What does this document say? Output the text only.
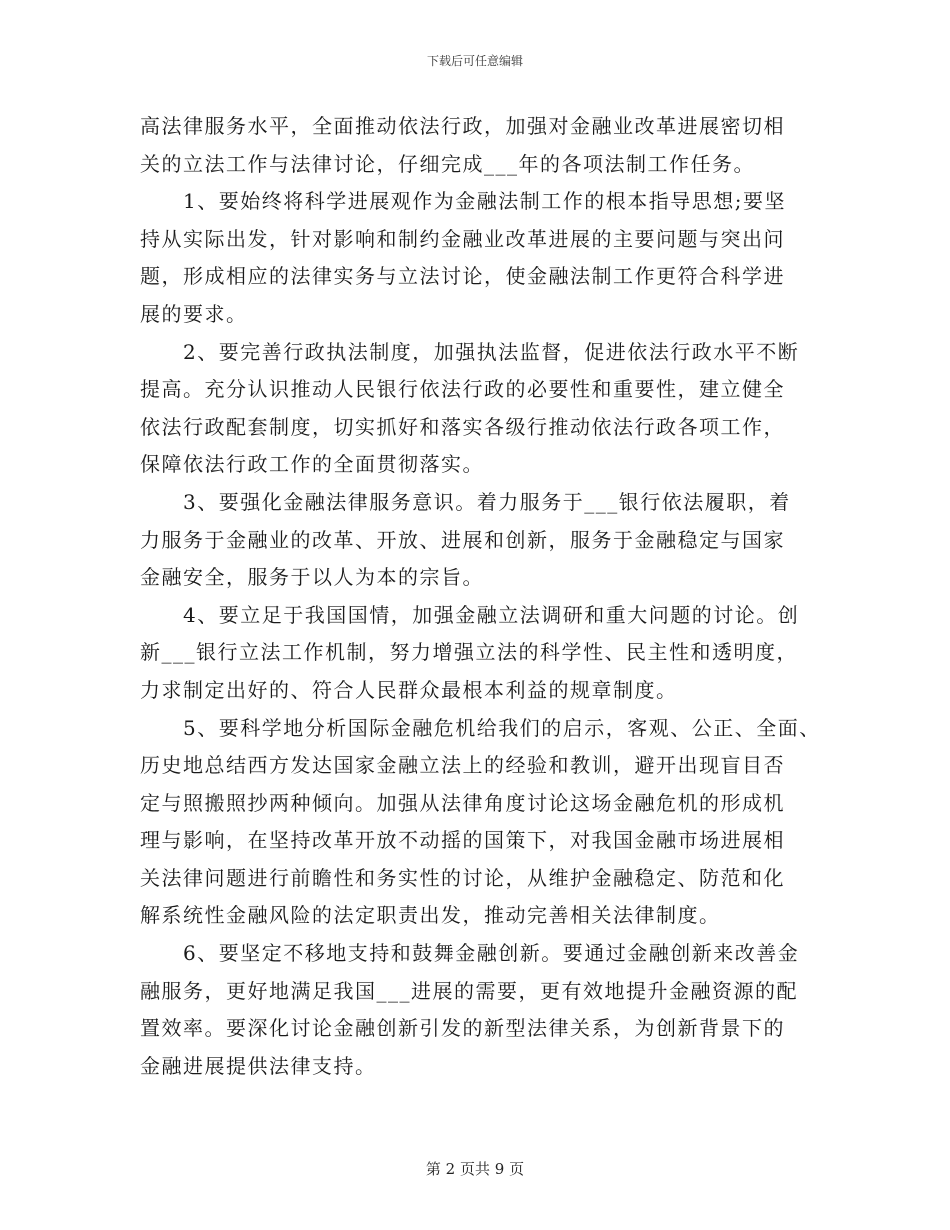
下载后可任意编辑
高法律服务水平，全面推动依法行政，加强对金融业改革进展密切相
关的立法工作与法律讨论，仔细完成___年的各项法制工作任务。
　　1、要始终将科学进展观作为金融法制工作的根本指导思想;要坚
持从实际出发，针对影响和制约金融业改革进展的主要问题与突出问
题，形成相应的法律实务与立法讨论，使金融法制工作更符合科学进
展的要求。
　　2、要完善行政执法制度，加强执法监督，促进依法行政水平不断
提高。充分认识推动人民银行依法行政的必要性和重要性，建立健全
依法行政配套制度，切实抓好和落实各级行推动依法行政各项工作，
保障依法行政工作的全面贯彻落实。
　　3、要强化金融法律服务意识。着力服务于___银行依法履职，着
力服务于金融业的改革、开放、进展和创新，服务于金融稳定与国家
金融安全，服务于以人为本的宗旨。
　　4、要立足于我国国情，加强金融立法调研和重大问题的讨论。创
新___银行立法工作机制，努力增强立法的科学性、民主性和透明度，
力求制定出好的、符合人民群众最根本利益的规章制度。
　　5、要科学地分析国际金融危机给我们的启示，客观、公正、全面、
历史地总结西方发达国家金融立法上的经验和教训，避开出现盲目否
定与照搬照抄两种倾向。加强从法律角度讨论这场金融危机的形成机
理与影响，在坚持改革开放不动摇的国策下，对我国金融市场进展相
关法律问题进行前瞻性和务实性的讨论，从维护金融稳定、防范和化
解系统性金融风险的法定职责出发，推动完善相关法律制度。
　　6、要坚定不移地支持和鼓舞金融创新。要通过金融创新来改善金
融服务，更好地满足我国___进展的需要，更有效地提升金融资源的配
置效率。要深化讨论金融创新引发的新型法律关系，为创新背景下的
金融进展提供法律支持。
第 2 页共 9 页
